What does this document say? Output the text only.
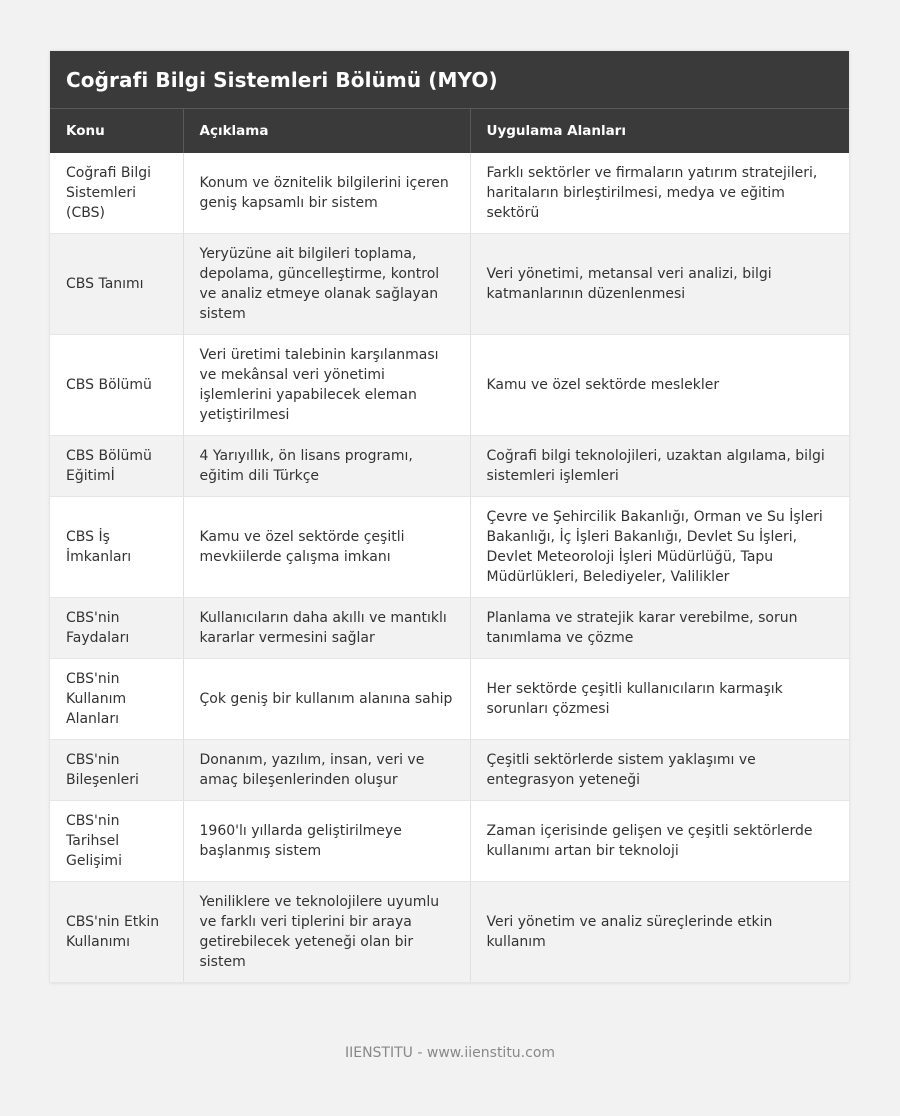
Coğrafi Bilgi Sistemleri Bölümü (MYO)
Konu	Açıklama	Uygulama Alanları
Coğrafi Bilgi Sistemleri (CBS)	Konum ve öznitelik bilgilerini içeren geniş kapsamlı bir sistem	Farklı sektörler ve firmaların yatırım stratejileri, haritaların birleştirilmesi, medya ve eğitim sektörü
CBS Tanımı	Yeryüzüne ait bilgileri toplama, depolama, güncelleştirme, kontrol ve analiz etmeye olanak sağlayan sistem	Veri yönetimi, metansal veri analizi, bilgi katmanlarının düzenlenmesi
CBS Bölümü	Veri üretimi talebinin karşılanması ve mekânsal veri yönetimi işlemlerini yapabilecek eleman yetiştirilmesi	Kamu ve özel sektörde meslekler
CBS Bölümü Eğitimİ	4 Yarıyıllık, ön lisans programı, eğitim dili Türkçe	Coğrafi bilgi teknolojileri, uzaktan algılama, bilgi sistemleri işlemleri
CBS İş İmkanları	Kamu ve özel sektörde çeşitli mevkiilerde çalışma imkanı	Çevre ve Şehircilik Bakanlığı, Orman ve Su İşleri Bakanlığı, İç İşleri Bakanlığı, Devlet Su İşleri, Devlet Meteoroloji İşleri Müdürlüğü, Tapu Müdürlükleri, Belediyeler, Valilikler
CBS'nin Faydaları	Kullanıcıların daha akıllı ve mantıklı kararlar vermesini sağlar	Planlama ve stratejik karar verebilme, sorun tanımlama ve çözme
CBS'nin Kullanım Alanları	Çok geniş bir kullanım alanına sahip	Her sektörde çeşitli kullanıcıların karmaşık sorunları çözmesi
CBS'nin Bileşenleri	Donanım, yazılım, insan, veri ve amaç bileşenlerinden oluşur	Çeşitli sektörlerde sistem yaklaşımı ve entegrasyon yeteneği
CBS'nin Tarihsel Gelişimi	1960'lı yıllarda geliştirilmeye başlanmış sistem	Zaman içerisinde gelişen ve çeşitli sektörlerde kullanımı artan bir teknoloji
CBS'nin Etkin Kullanımı	Yeniliklere ve teknolojilere uyumlu ve farklı veri tiplerini bir araya getirebilecek yeteneği olan bir sistem	Veri yönetim ve analiz süreçlerinde etkin kullanım
IIENSTITU - www.iienstitu.com
